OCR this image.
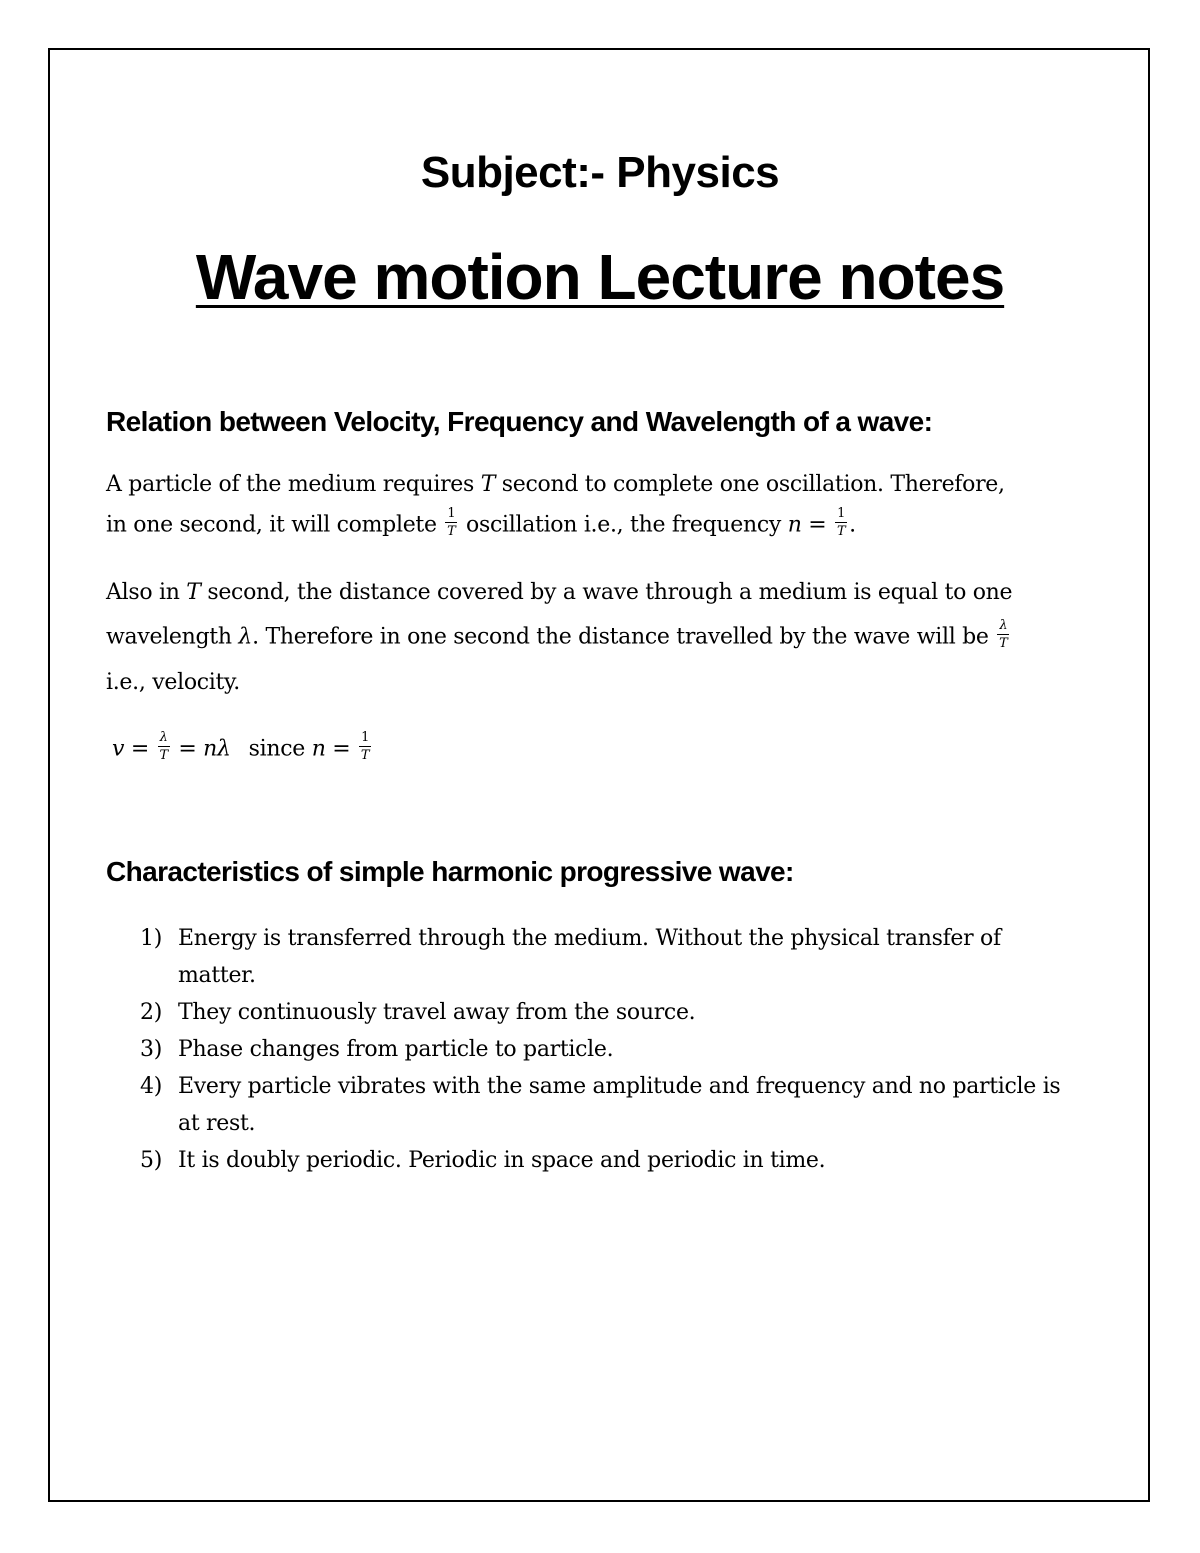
Subject:- Physics
Wave motion Lecture notes
Relation between Velocity, Frequency and Wavelength of a wave:
A particle of the medium requires T second to complete one oscillation. Therefore,
in one second, it will complete $\frac{1}{T}$ oscillation i.e., the frequency $n = \frac{1}{T}$ .
Also in T second, the distance covered by a wave through a medium is equal to one
wavelength λ. Therefore in one second the distance travelled by the wave will be $\frac{\lambda}{T}$
i.e., velocity.
$v = \frac{\lambda}{T} = n\lambda$ since $n = \frac{1}{T}$
Characteristics of simple harmonic progressive wave:
1) Energy is transferred through the medium. Without the physical transfer of matter.
2) They continuously travel away from the source.
3) Phase changes from particle to particle.
4) Every particle vibrates with the same amplitude and frequency and no particle is at rest.
5) It is doubly periodic. Periodic in space and periodic in time.
